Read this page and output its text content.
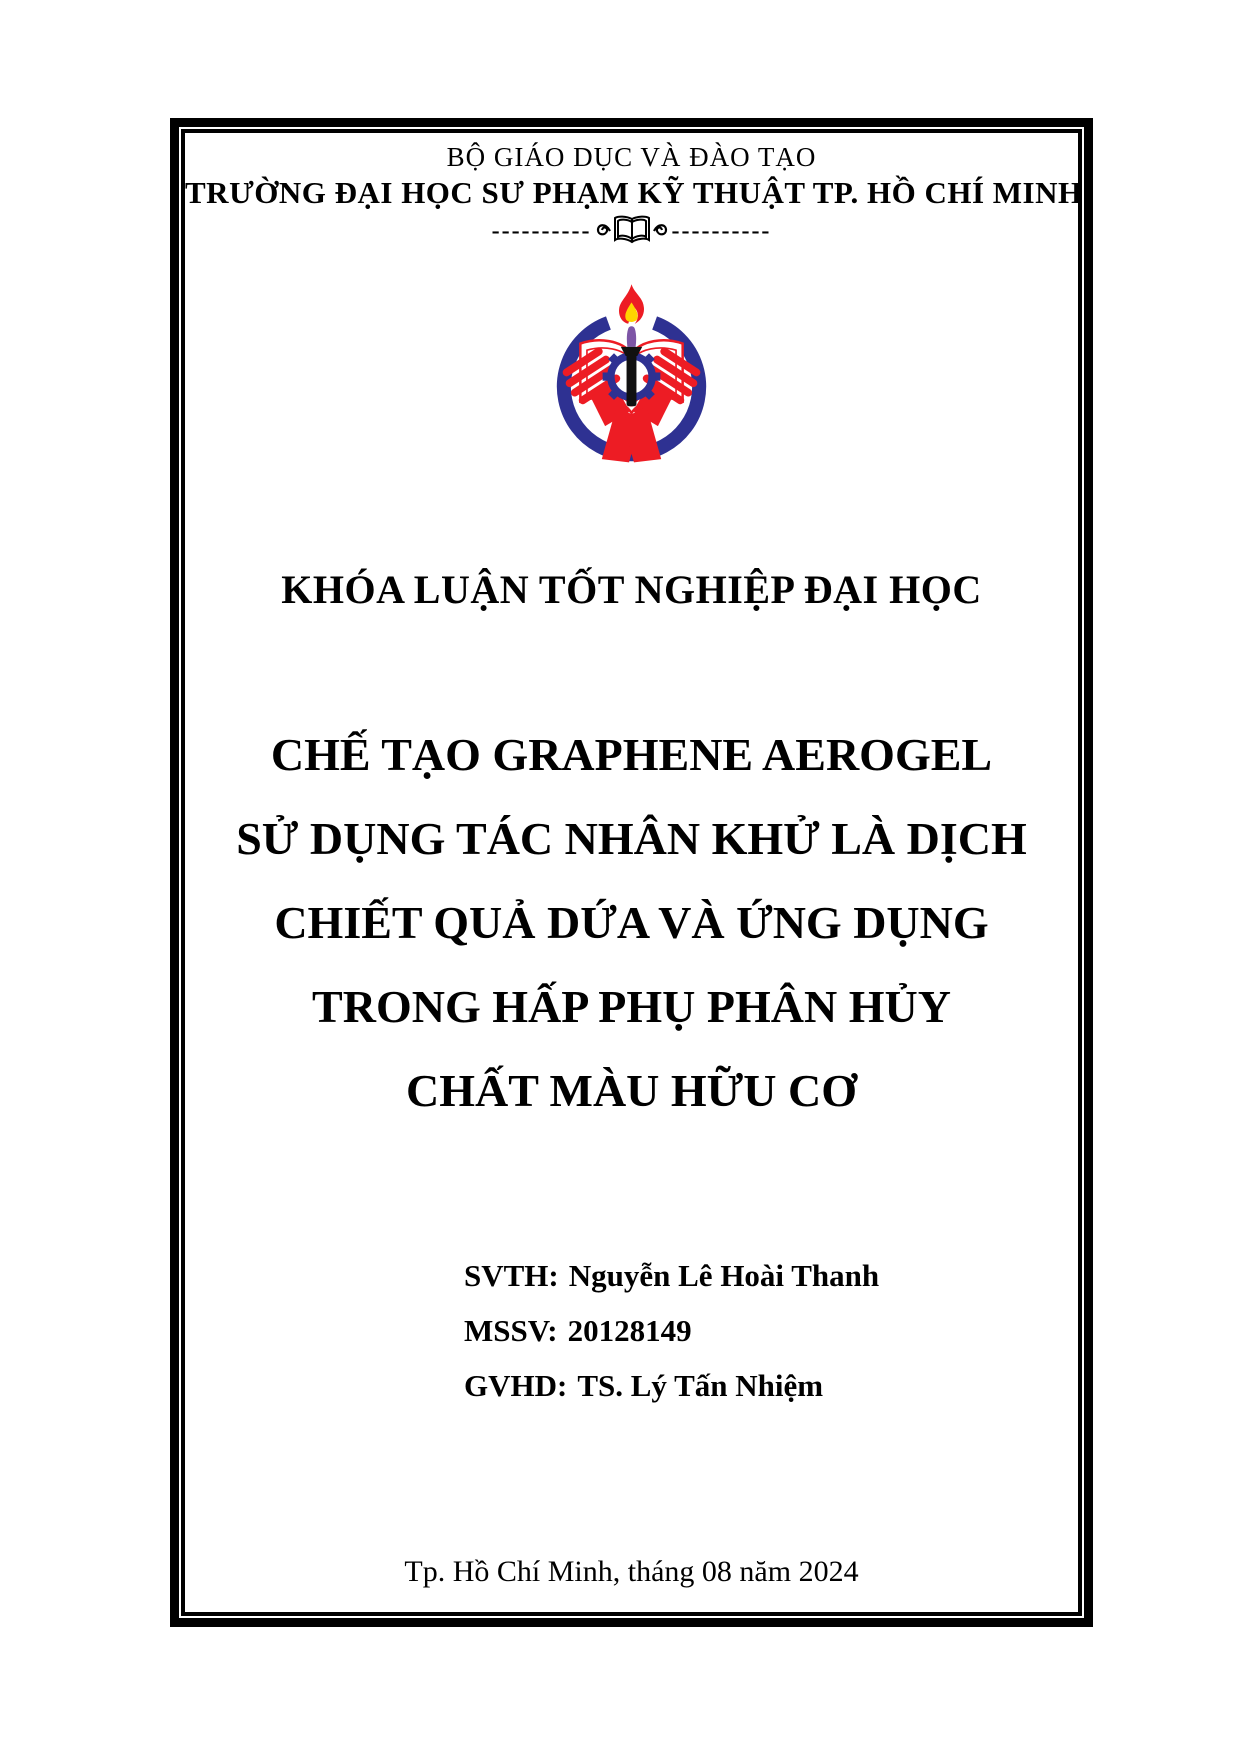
BỘ GIÁO DỤC VÀ ĐÀO TẠO
TRƯỜNG ĐẠI HỌC SƯ PHẠM KỸ THUẬT TP. HỒ CHÍ MINH
----------	----------
KHÓA LUẬN TỐT NGHIỆP ĐẠI HỌC
CHẾ TẠO GRAPHENE AEROGEL
SỬ DỤNG TÁC NHÂN KHỬ LÀ DỊCH
CHIẾT QUẢ DỨA VÀ ỨNG DỤNG
TRONG HẤP PHỤ PHÂN HỦY
CHẤT MÀU HỮU CƠ
SVTH: Nguyễn Lê Hoài Thanh
MSSV: 20128149
GVHD: TS. Lý Tấn Nhiệm
Tp. Hồ Chí Minh, tháng 08 năm 2024
